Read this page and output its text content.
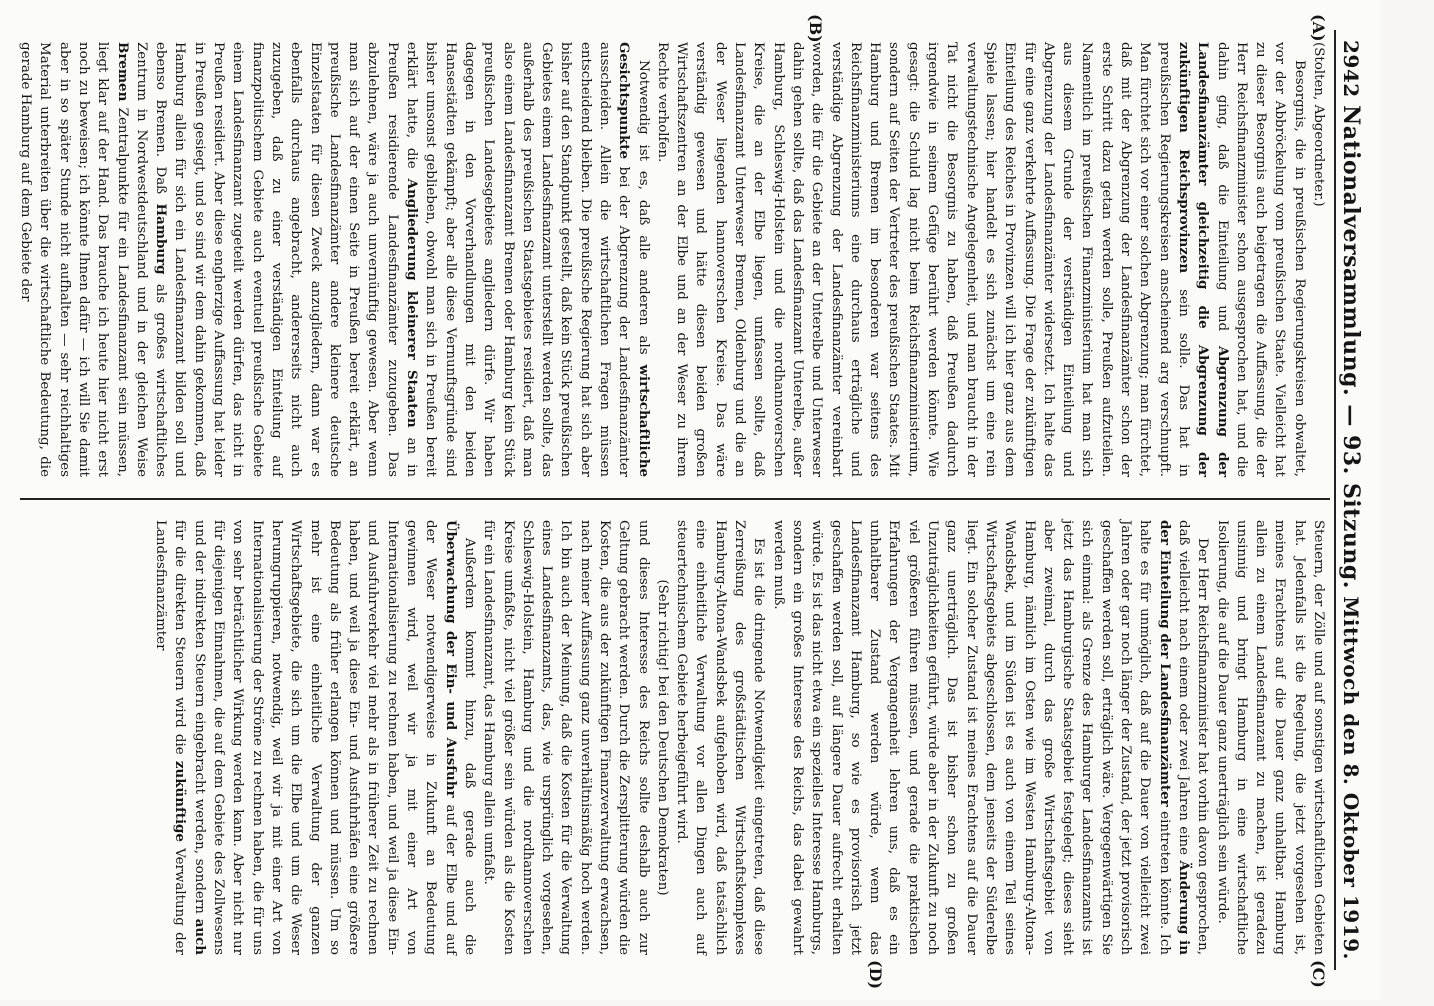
2942
Nationalversammlung. — 93. Sitzung.
Mittwoch den 8. Oktober 1919.
(A)
(B)
(C)
(D)

(Stolten, Abgeordneter.)

Besorgnis, die in preußischen Regierungskreisen obwaltet, vor der Abbröckelung vom preußischen Staate. Vielleicht hat zu dieser Besorgnis auch beigetragen die Auffassung, die der Herr Reichsfinanzminister schon ausgesprochen hat, und die dahin ging, daß die Einteilung und Abgrenzung der Landesfinanzämter gleichzeitig die Abgrenzung der zukünftigen Reichsprovinzen sein solle. Das hat in preußischen Regierungskreisen anscheinend arg verschnupft. Man fürchtet sich vor einer solchen Abgrenzung; man fürchtet, daß mit der Abgrenzung der Landesfinanzämter schon der erste Schritt dazu getan werden solle, Preußen aufzuteilen. Namentlich im preußischen Finanzministerium hat man sich aus diesem Grunde der verständigen Einteilung und Abgrenzung der Landesfinanzämter widersetzt. Ich halte das für eine ganz verkehrte Auffassung. Die Frage der zukünftigen Einteilung des Reiches in Provinzen will ich hier ganz aus dem Spiele lassen; hier handelt es sich zunächst um eine rein verwaltungstechnische Angelegenheit, und man braucht in der Tat nicht die Besorgnis zu haben, daß Preußen dadurch irgendwie in seinem Gefüge berührt werden könnte. Wie gesagt: die Schuld lag nicht beim Reichsfinanzministerium, sondern auf Seiten der Vertreter des preußischen Staates. Mit Hamburg und Bremen im besonderen war seitens des Reichsfinanzministeriums eine durchaus erträgliche und verständige Abgrenzung der Landesfinanzämter vereinbart worden, die für die Gebiete an der Unterelbe und Unterweser dahin gehen sollte, daß das Landesfinanzamt Unterelbe, außer Hamburg, Schleswig-Holstein und die nordhannoverschen Kreise, die an der Elbe liegen, umfassen sollte, daß Landesfinanzamt Unterweser Bremen, Oldenburg und die an der Weser liegenden hannoverschen Kreise. Das wäre verständig gewesen und hätte diesen beiden großen Wirtschaftszentren an der Elbe und an der Weser zu ihrem Rechte verholfen.

Notwendig ist es, daß alle anderen als wirtschaftliche Gesichtspunkte bei der Abgrenzung der Landesfinanzämter ausscheiden. Allein die wirtschaftlichen Fragen müssen entscheidend bleiben. Die preußische Regierung hat sich aber bisher auf den Standpunkt gestellt, daß kein Stück preußischen Gebietes einem Landesfinanzamt unterstellt werden sollte, das außerhalb des preußischen Staatsgebietes residiert, daß man also einem Landesfinanzamt Bremen oder Hamburg kein Stück preußischen Landesgebietes angliedern dürfe. Wir haben dagegen in den Vorverhandlungen mit den beiden Hansestädten gekämpft; aber alle diese Vernunftsgründe sind bisher umsonst geblieben, obwohl man sich in Preußen bereit erklärt hatte, die Angliederung kleinerer Staaten an in Preußen residierende Landesfinanzämter zuzugeben. Das abzulehnen, wäre ja auch unvernünftig gewesen. Aber wenn man sich auf der einen Seite in Preußen bereit erklärt, an preußische Landesfinanzämter andere kleinere deutsche Einzelstaaten für diesen Zweck anzugliedern, dann war es ebenfalls durchaus angebracht, andererseits nicht auch zuzugeben, daß zu einer verständigen Einteilung auf finanzpolitischem Gebiete auch eventuell preußische Gebiete einem Landesfinanzamt zugeteilt werden dürfen, das nicht in Preußen residiert. Aber diese engherzige Auffassung hat leider in Preußen gesiegt, und so sind wir dem dahin gekommen, daß Hamburg allein für sich ein Landesfinanzamt bilden soll und ebenso Bremen. Daß Hamburg als großes wirtschaftliches Zentrum in Nordwestdeutschland und in der gleichen Weise Bremen Zentralpunkte für ein Landesfinanzamt sein müssen, liegt klar auf der Hand. Das brauche ich heute hier nicht erst noch zu beweisen; ich könnte Ihnen dafür — ich will Sie damit aber in so später Stunde nicht aufhalten — sehr reichhaltiges Material unterbreiten über die wirtschaftliche Bedeutung, die gerade Hamburg auf dem Gebiete der

Steuern, der Zölle und auf sonstigen wirtschaftlichen Gebieten hat. Jedenfalls ist die Regelung, die jetzt vorgesehen ist, meines Erachtens auf die Dauer ganz unhaltbar. Hamburg allein zu einem Landesfinanzamt zu machen, ist geradezu unsinnig und bringt Hamburg in eine wirtschaftliche Isolierung, die auf die Dauer ganz unerträglich sein würde.

Der Herr Reichsfinanzminister hat vorhin davon gesprochen, daß vielleicht nach einem oder zwei Jahren eine Änderung in der Einteilung der Landesfinanzämter eintreten könnte. Ich halte es für unmöglich, daß auf die Dauer von vielleicht zwei Jahren oder gar noch länger der Zustand, der jetzt provisorisch geschaffen werden soll, erträglich wäre. Vergegenwärtigen Sie sich einmal: als Grenze des Hamburger Landesfinanzamts ist jetzt das Hamburgische Staatsgebiet festgelegt; dieses sieht aber zweimal, durch das große Wirtschaftsgebiet von Hamburg, nämlich im Osten wie im Westen Hamburg-Altona-Wandsbek, und im Süden ist es auch von einem Teil seines Wirtschaftsgebiets abgeschlossen, dem jenseits der Süderelbe liegt. Ein solcher Zustand ist meines Erachtens auf die Dauer ganz unerträglich. Das ist bisher schon zu großen Unzuträglichkeiten geführt, würde aber in der Zukunft zu noch viel größeren führen müssen, und gerade die praktischen Erfahrungen der Vergangenheit lehren uns, daß es ein unhaltbarer Zustand werden würde, wenn das Landesfinanzamt Hamburg, so wie es provisorisch jetzt geschaffen werden soll, auf längere Dauer aufrecht erhalten würde. Es ist das nicht etwa ein spezielles Interesse Hamburgs, sondern ein großes Interesse des Reichs, das dabei gewahrt werden muß.

Es ist die dringende Notwendigkeit eingetreten, daß diese Zerreißung des großstädtischen Wirtschaftskomplexes Hamburg-Altona-Wandsbek aufgehoben wird, daß tatsächlich eine einheitliche Verwaltung vor allen Dingen auch auf steuertechnischem Gebiete herbeigeführt wird.

(Sehr richtig! bei den Deutschen Demokraten)

und dieses Interesse des Reichs sollte deshalb auch zur Geltung gebracht werden. Durch die Zersplitterung würden die Kosten, die aus der zukünftigen Finanzverwaltung erwachsen, nach meiner Auffassung ganz unverhältnismäßig hoch werden. Ich bin auch der Meinung, daß die Kosten für die Verwaltung eines Landesfinanzamts, das, wie ursprünglich vorgesehen, Schleswig-Holstein, Hamburg und die nordhannoverschen Kreise umfaßte, nicht viel größer sein würden als die Kosten für ein Landesfinanzamt, das Hamburg allein umfaßt.

Außerdem kommt hinzu, daß gerade auch die Überwachung der Ein- und Ausfuhr auf der Elbe und auf der Weser notwendigerweise in Zukunft an Bedeutung gewinnen wird, weil wir ja mit einer Art von Internationalisierung zu rechnen haben, und weil ja diese Ein- und Ausfuhrverkehr viel mehr als in früherer Zeit zu rechnen haben, und weil ja diese Ein- und Ausfuhrhäfen eine größere Bedeutung als früher erlangen können und müssen. Um so mehr ist eine einheitliche Verwaltung der ganzen Wirtschaftsgebiete, die sich um die Elbe und um die Weser herumgruppieren, notwendig, weil wir ja mit einer Art von Internationalisierung der Ströme zu rechnen haben, die für uns von sehr beträchtlicher Wirkung werden kann. Aber nicht nur für diejenigen Einnahmen, die auf dem Gebiete des Zollwesens und der indirekten Steuern eingebracht werden, sondern auch für die direkten Steuern wird die zukünftige Verwaltung der Landesfinanzämter
